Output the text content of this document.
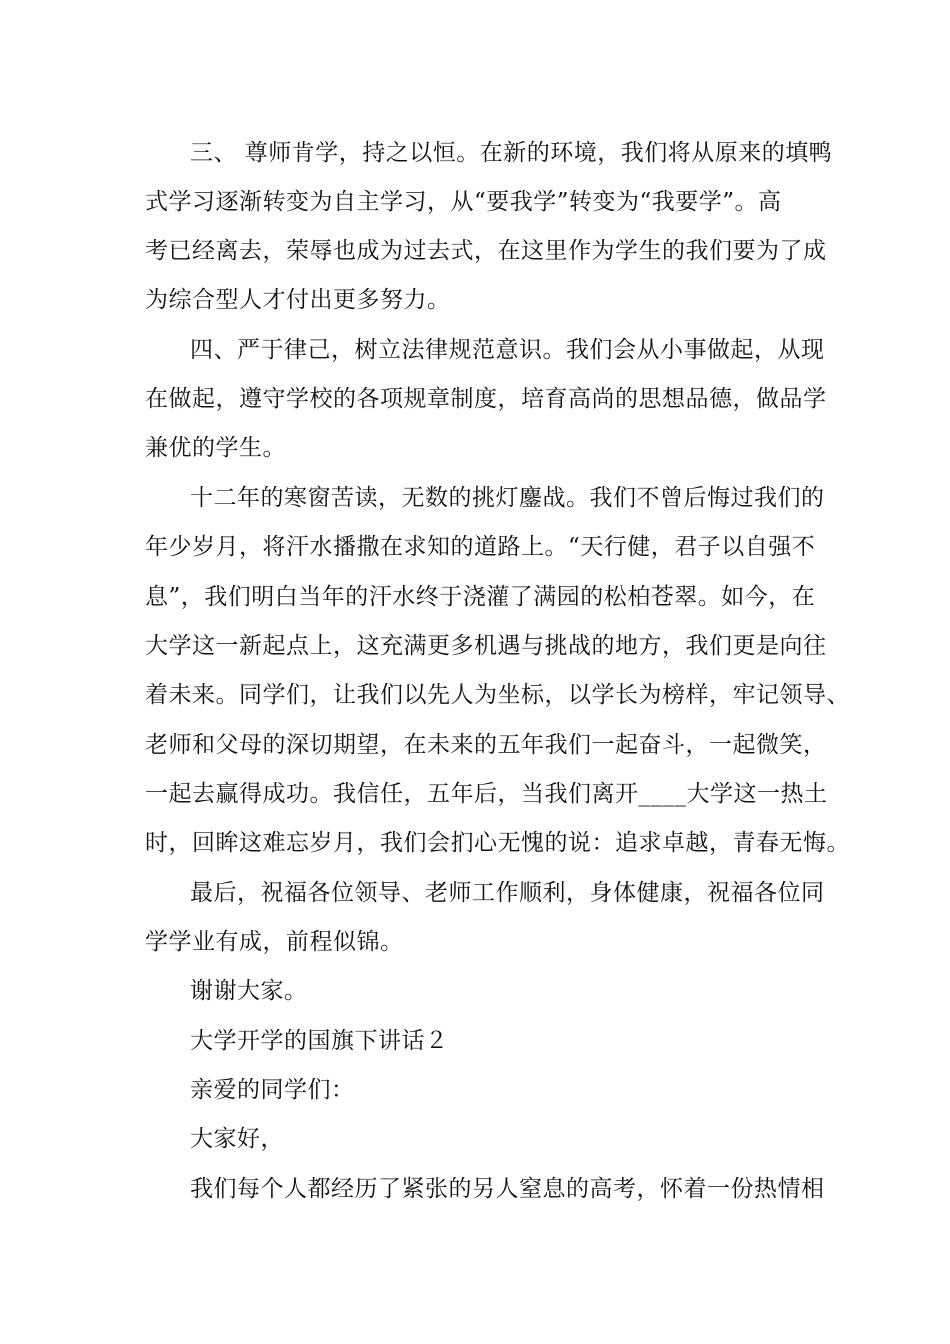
三、 尊师肯学，持之以恒。在新的环境，我们将从原来的填鸭
式学习逐渐转变为自主学习，从“要我学”转变为“我要学”。高
考已经离去，荣辱也成为过去式，在这里作为学生的我们要为了成
为综合型人才付出更多努力。
四、严于律己，树立法律规范意识。我们会从小事做起，从现
在做起，遵守学校的各项规章制度，培育高尚的思想品德，做品学
兼优的学生。
十二年的寒窗苦读，无数的挑灯鏖战。我们不曾后悔过我们的
年少岁月，将汗水播撒在求知的道路上。“天行健，君子以自强不
息”，我们明白当年的汗水终于浇灌了满园的松柏苍翠。如今，在
大学这一新起点上，这充满更多机遇与挑战的地方，我们更是向往
着未来。同学们，让我们以先人为坐标，以学长为榜样，牢记领导、
老师和父母的深切期望，在未来的五年我们一起奋斗，一起微笑，
一起去赢得成功。我信任，五年后，当我们离开____大学这一热土
时，回眸这难忘岁月，我们会扪心无愧的说：追求卓越，青春无悔。
最后，祝福各位领导、老师工作顺利，身体健康，祝福各位同
学学业有成，前程似锦。
谢谢大家。
大学开学的国旗下讲话２
亲爱的同学们：
大家好，
我们每个人都经历了紧张的另人窒息的高考，怀着一份热情相
